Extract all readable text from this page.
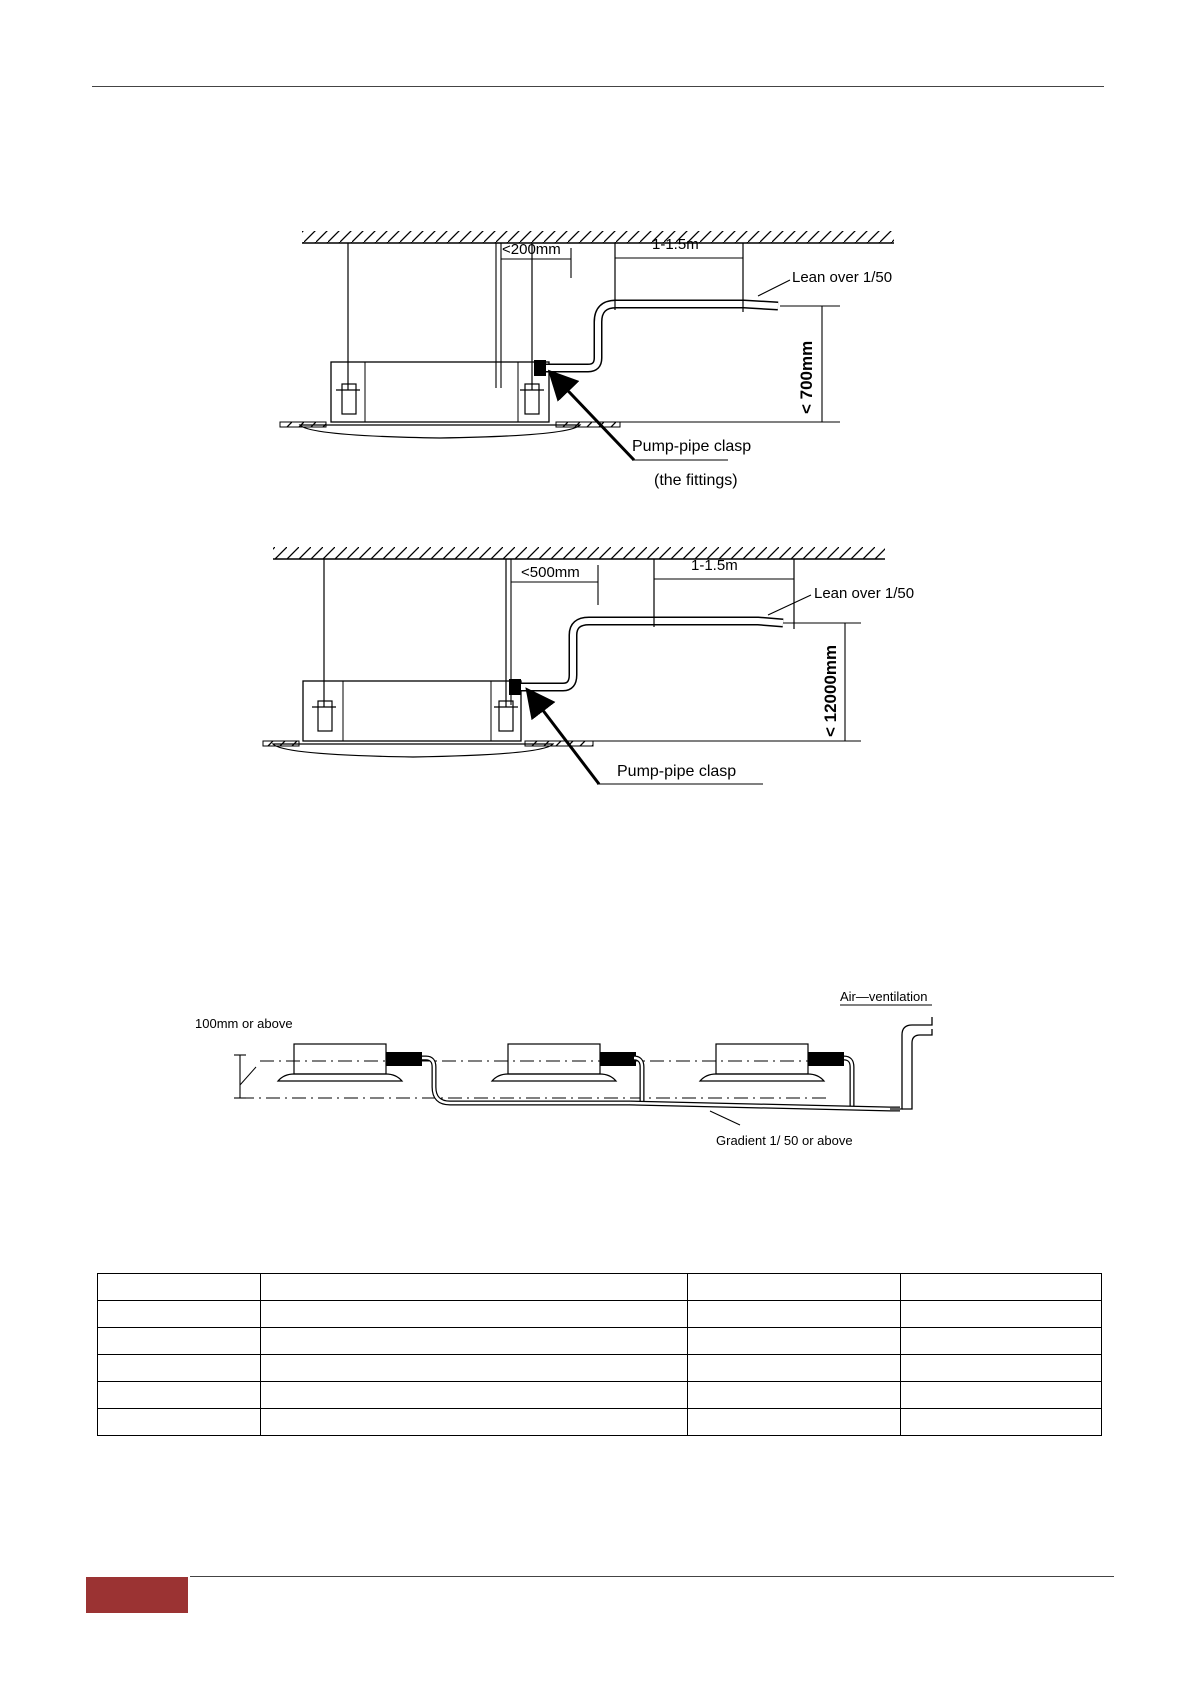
<200mm	1-1.5m
Lean over 1/50
< 700mm
Pump-pipe clasp
(the fittings)
<500mm	1-1.5m
Lean over 1/50
< 12000mm
Pump-pipe clasp
100mm or above
Air—ventilation
Gradient 1/ 50 or above
